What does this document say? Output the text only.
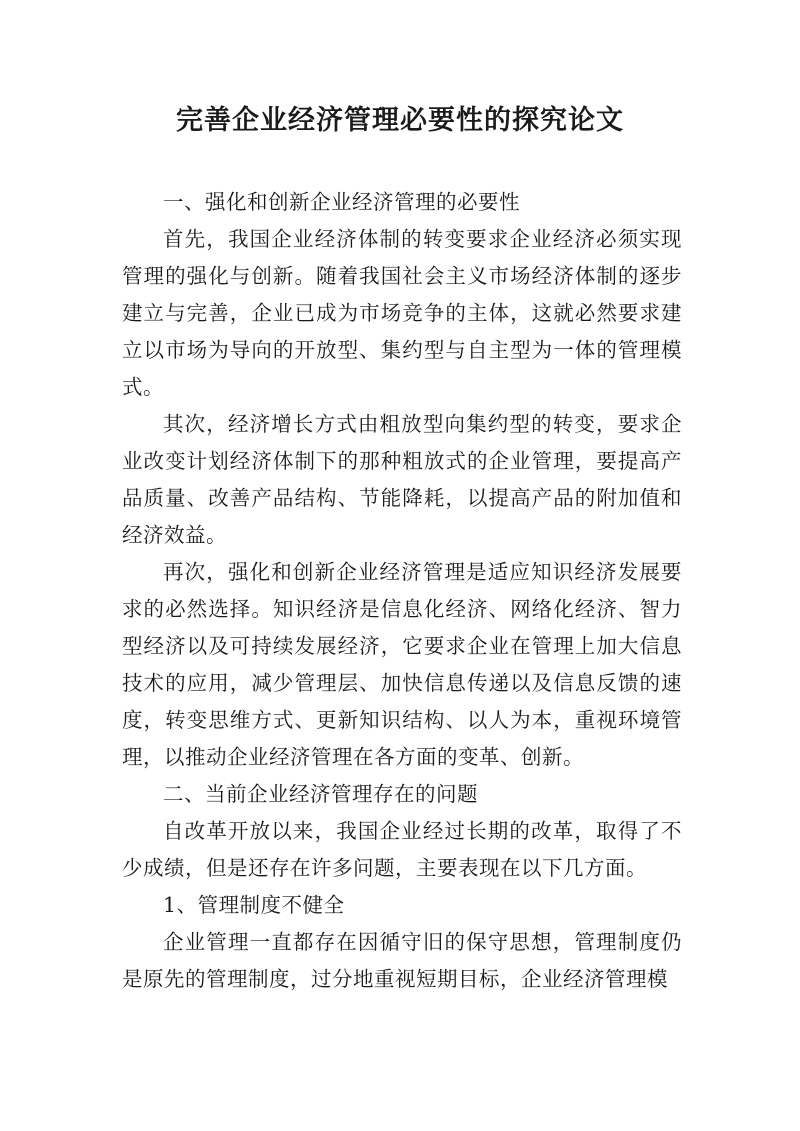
完善企业经济管理必要性的探究论文

一、强化和创新企业经济管理的必要性

首先，我国企业经济体制的转变要求企业经济必须实现管理的强化与创新。随着我国社会主义市场经济体制的逐步建立与完善，企业已成为市场竞争的主体，这就必然要求建立以市场为导向的开放型、集约型与自主型为一体的管理模式。

其次，经济增长方式由粗放型向集约型的转变，要求企业改变计划经济体制下的那种粗放式的企业管理，要提高产品质量、改善产品结构、节能降耗，以提高产品的附加值和经济效益。

再次，强化和创新企业经济管理是适应知识经济发展要求的必然选择。知识经济是信息化经济、网络化经济、智力型经济以及可持续发展经济，它要求企业在管理上加大信息技术的应用，减少管理层、加快信息传递以及信息反馈的速度，转变思维方式、更新知识结构、以人为本，重视环境管理，以推动企业经济管理在各方面的变革、创新。

二、当前企业经济管理存在的问题

自改革开放以来，我国企业经过长期的改革，取得了不少成绩，但是还存在许多问题，主要表现在以下几方面。

1、管理制度不健全

企业管理一直都存在因循守旧的保守思想，管理制度仍是原先的管理制度，过分地重视短期目标，企业经济管理模
